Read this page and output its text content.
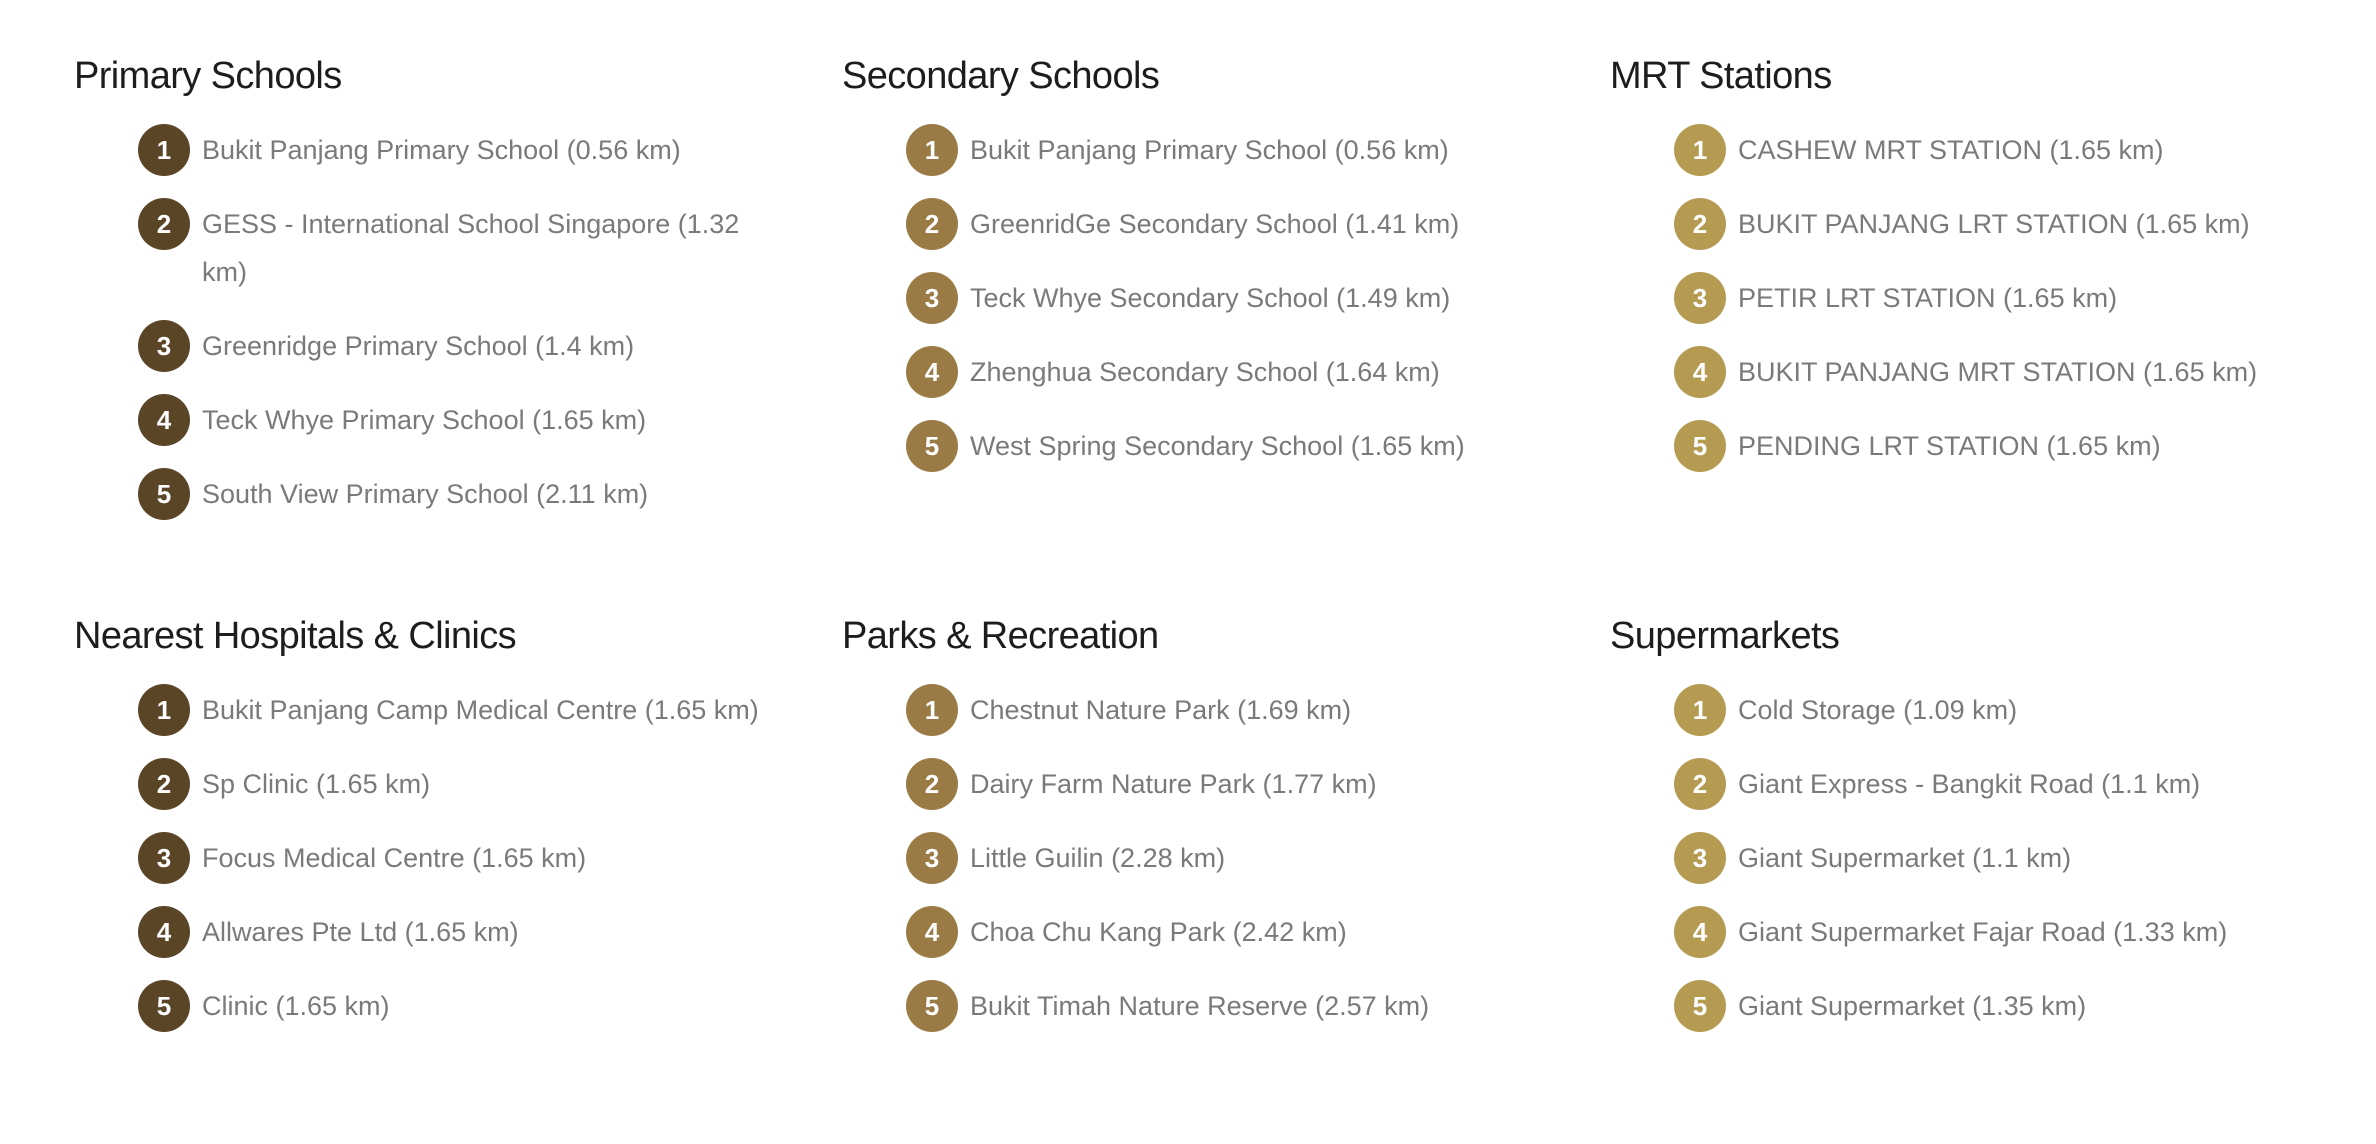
Primary Schools
1	Bukit Panjang Primary School (0.56 km)
2	GESS - International School Singapore (1.32 km)
3	Greenridge Primary School (1.4 km)
4	Teck Whye Primary School (1.65 km)
5	South View Primary School (2.11 km)
Secondary Schools
1	Bukit Panjang Primary School (0.56 km)
2	GreenridGe Secondary School (1.41 km)
3	Teck Whye Secondary School (1.49 km)
4	Zhenghua Secondary School (1.64 km)
5	West Spring Secondary School (1.65 km)
MRT Stations
1	CASHEW MRT STATION (1.65 km)
2	BUKIT PANJANG LRT STATION (1.65 km)
3	PETIR LRT STATION (1.65 km)
4	BUKIT PANJANG MRT STATION (1.65 km)
5	PENDING LRT STATION (1.65 km)
Nearest Hospitals & Clinics
1	Bukit Panjang Camp Medical Centre (1.65 km)
2	Sp Clinic (1.65 km)
3	Focus Medical Centre (1.65 km)
4	Allwares Pte Ltd (1.65 km)
5	Clinic (1.65 km)
Parks & Recreation
1	Chestnut Nature Park (1.69 km)
2	Dairy Farm Nature Park (1.77 km)
3	Little Guilin (2.28 km)
4	Choa Chu Kang Park (2.42 km)
5	Bukit Timah Nature Reserve (2.57 km)
Supermarkets
1	Cold Storage (1.09 km)
2	Giant Express - Bangkit Road (1.1 km)
3	Giant Supermarket (1.1 km)
4	Giant Supermarket Fajar Road (1.33 km)
5	Giant Supermarket (1.35 km)
